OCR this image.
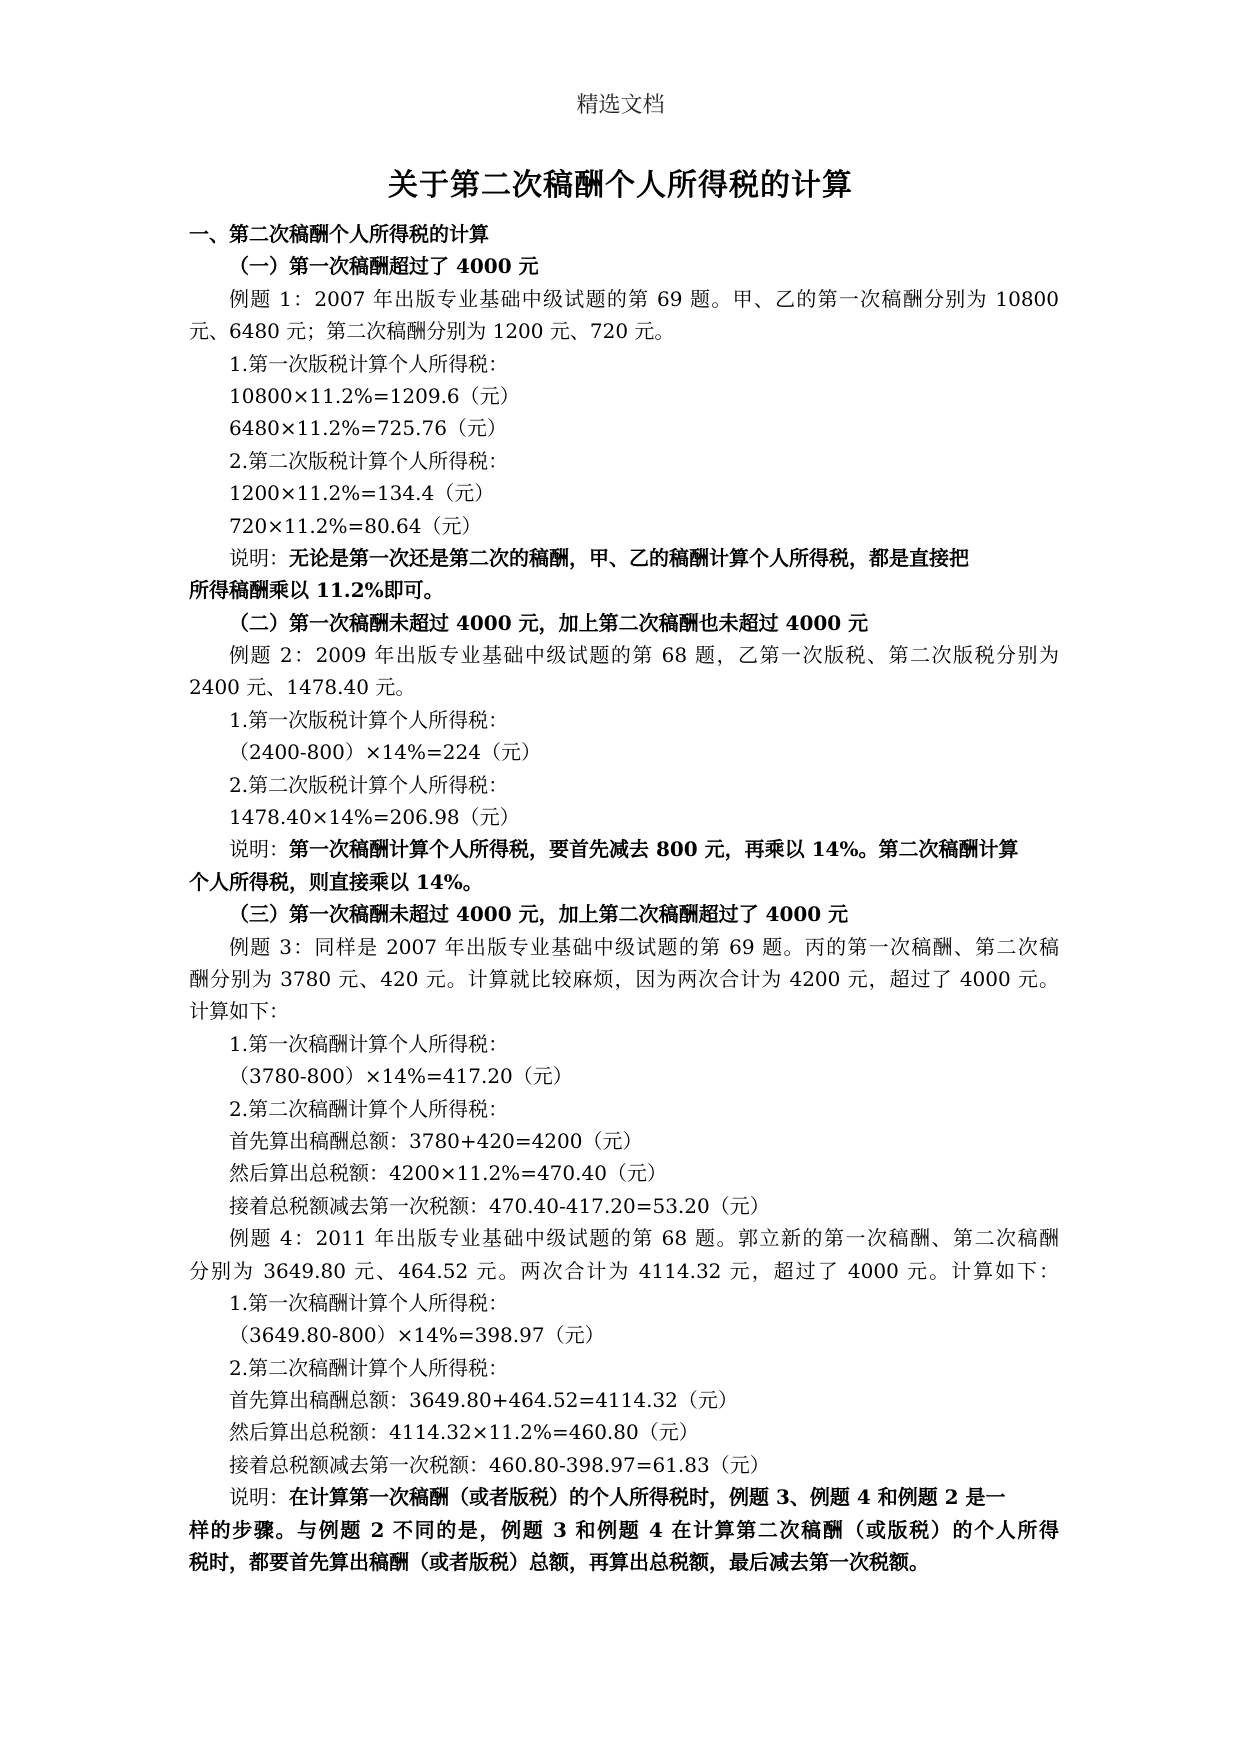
精选文档
关于第二次稿酬个人所得税的计算
一、第二次稿酬个人所得税的计算
（一）第一次稿酬超过了 4000 元
例题 1：2007 年出版专业基础中级试题的第 69 题。甲、乙的第一次稿酬分别为 10800
元、6480 元；第二次稿酬分别为 1200 元、720 元。
1.第一次版税计算个人所得税：
10800×11.2%=1209.6（元）
6480×11.2%=725.76（元）
2.第二次版税计算个人所得税：
1200×11.2%=134.4（元）
720×11.2%=80.64（元）
说明：无论是第一次还是第二次的稿酬，甲、乙的稿酬计算个人所得税，都是直接把
所得稿酬乘以 11.2%即可。
（二）第一次稿酬未超过 4000 元，加上第二次稿酬也未超过 4000 元
例题 2：2009 年出版专业基础中级试题的第 68 题，乙第一次版税、第二次版税分别为
2400 元、1478.40 元。
1.第一次版税计算个人所得税：
（2400-800）×14%=224（元）
2.第二次版税计算个人所得税：
1478.40×14%=206.98（元）
说明：第一次稿酬计算个人所得税，要首先减去 800 元，再乘以 14%。第二次稿酬计算
个人所得税，则直接乘以 14%。
（三）第一次稿酬未超过 4000 元，加上第二次稿酬超过了 4000 元
例题 3：同样是 2007 年出版专业基础中级试题的第 69 题。丙的第一次稿酬、第二次稿
酬分别为 3780 元、420 元。计算就比较麻烦，因为两次合计为 4200 元，超过了 4000 元。
计算如下：
1.第一次稿酬计算个人所得税：
（3780-800）×14%=417.20（元）
2.第二次稿酬计算个人所得税：
首先算出稿酬总额：3780+420=4200（元）
然后算出总税额：4200×11.2%=470.40（元）
接着总税额减去第一次税额：470.40-417.20=53.20（元）
例题 4：2011 年出版专业基础中级试题的第 68 题。郭立新的第一次稿酬、第二次稿酬
分别为 3649.80 元、464.52 元。两次合计为 4114.32 元，超过了 4000 元。计算如下：
1.第一次稿酬计算个人所得税：
（3649.80-800）×14%=398.97（元）
2.第二次稿酬计算个人所得税：
首先算出稿酬总额：3649.80+464.52=4114.32（元）
然后算出总税额：4114.32×11.2%=460.80（元）
接着总税额减去第一次税额：460.80-398.97=61.83（元）
说明：在计算第一次稿酬（或者版税）的个人所得税时，例题 3、例题 4 和例题 2 是一
样的步骤。与例题 2 不同的是，例题 3 和例题 4 在计算第二次稿酬（或版税）的个人所得
税时，都要首先算出稿酬（或者版税）总额，再算出总税额，最后减去第一次税额。
